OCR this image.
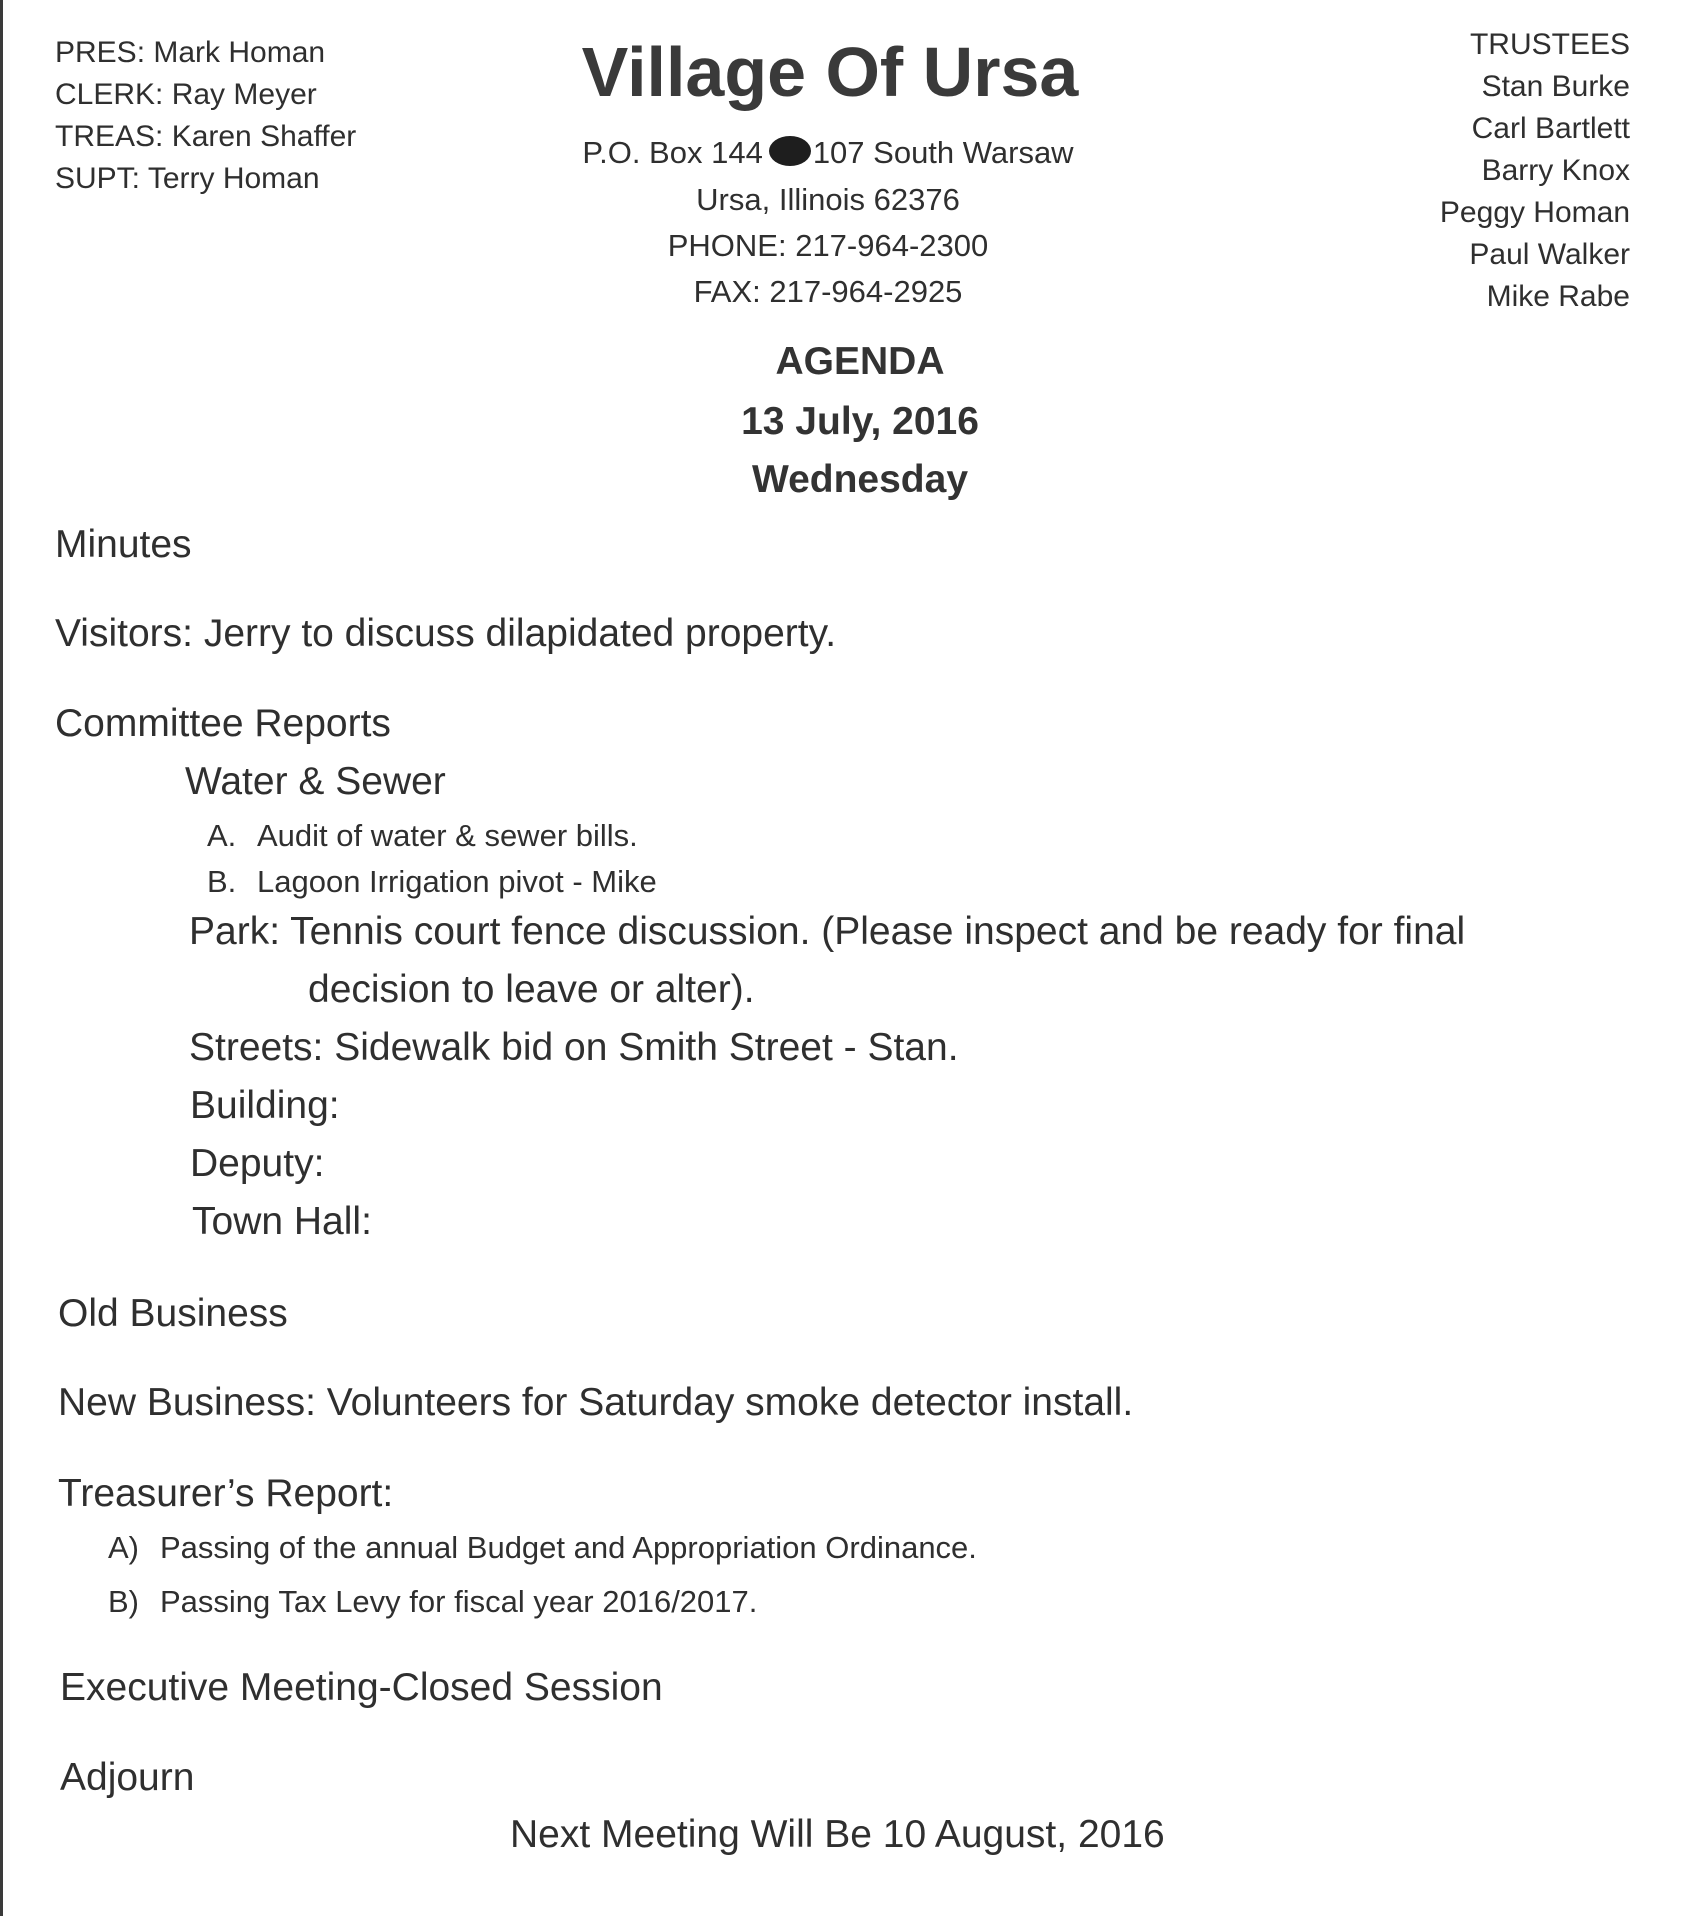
PRES: Mark Homan
CLERK: Ray Meyer
TREAS: Karen Shaffer
SUPT: Terry Homan
Village Of Ursa
P.O. Box 144 107 South Warsaw
Ursa, Illinois 62376
PHONE: 217-964-2300
FAX: 217-964-2925
TRUSTEES
Stan Burke
Carl Bartlett
Barry Knox
Peggy Homan
Paul Walker
Mike Rabe
AGENDA
13 July, 2016
Wednesday
Minutes
Visitors: Jerry to discuss dilapidated property.
Committee Reports
Water & Sewer
A. Audit of water & sewer bills.
B. Lagoon Irrigation pivot - Mike
Park: Tennis court fence discussion. (Please inspect and be ready for final
decision to leave or alter).
Streets: Sidewalk bid on Smith Street - Stan.
Building:
Deputy:
Town Hall:
Old Business
New Business: Volunteers for Saturday smoke detector install.
Treasurer’s Report:
A) Passing of the annual Budget and Appropriation Ordinance.
B) Passing Tax Levy for fiscal year 2016/2017.
Executive Meeting-Closed Session
Adjourn
Next Meeting Will Be 10 August, 2016
